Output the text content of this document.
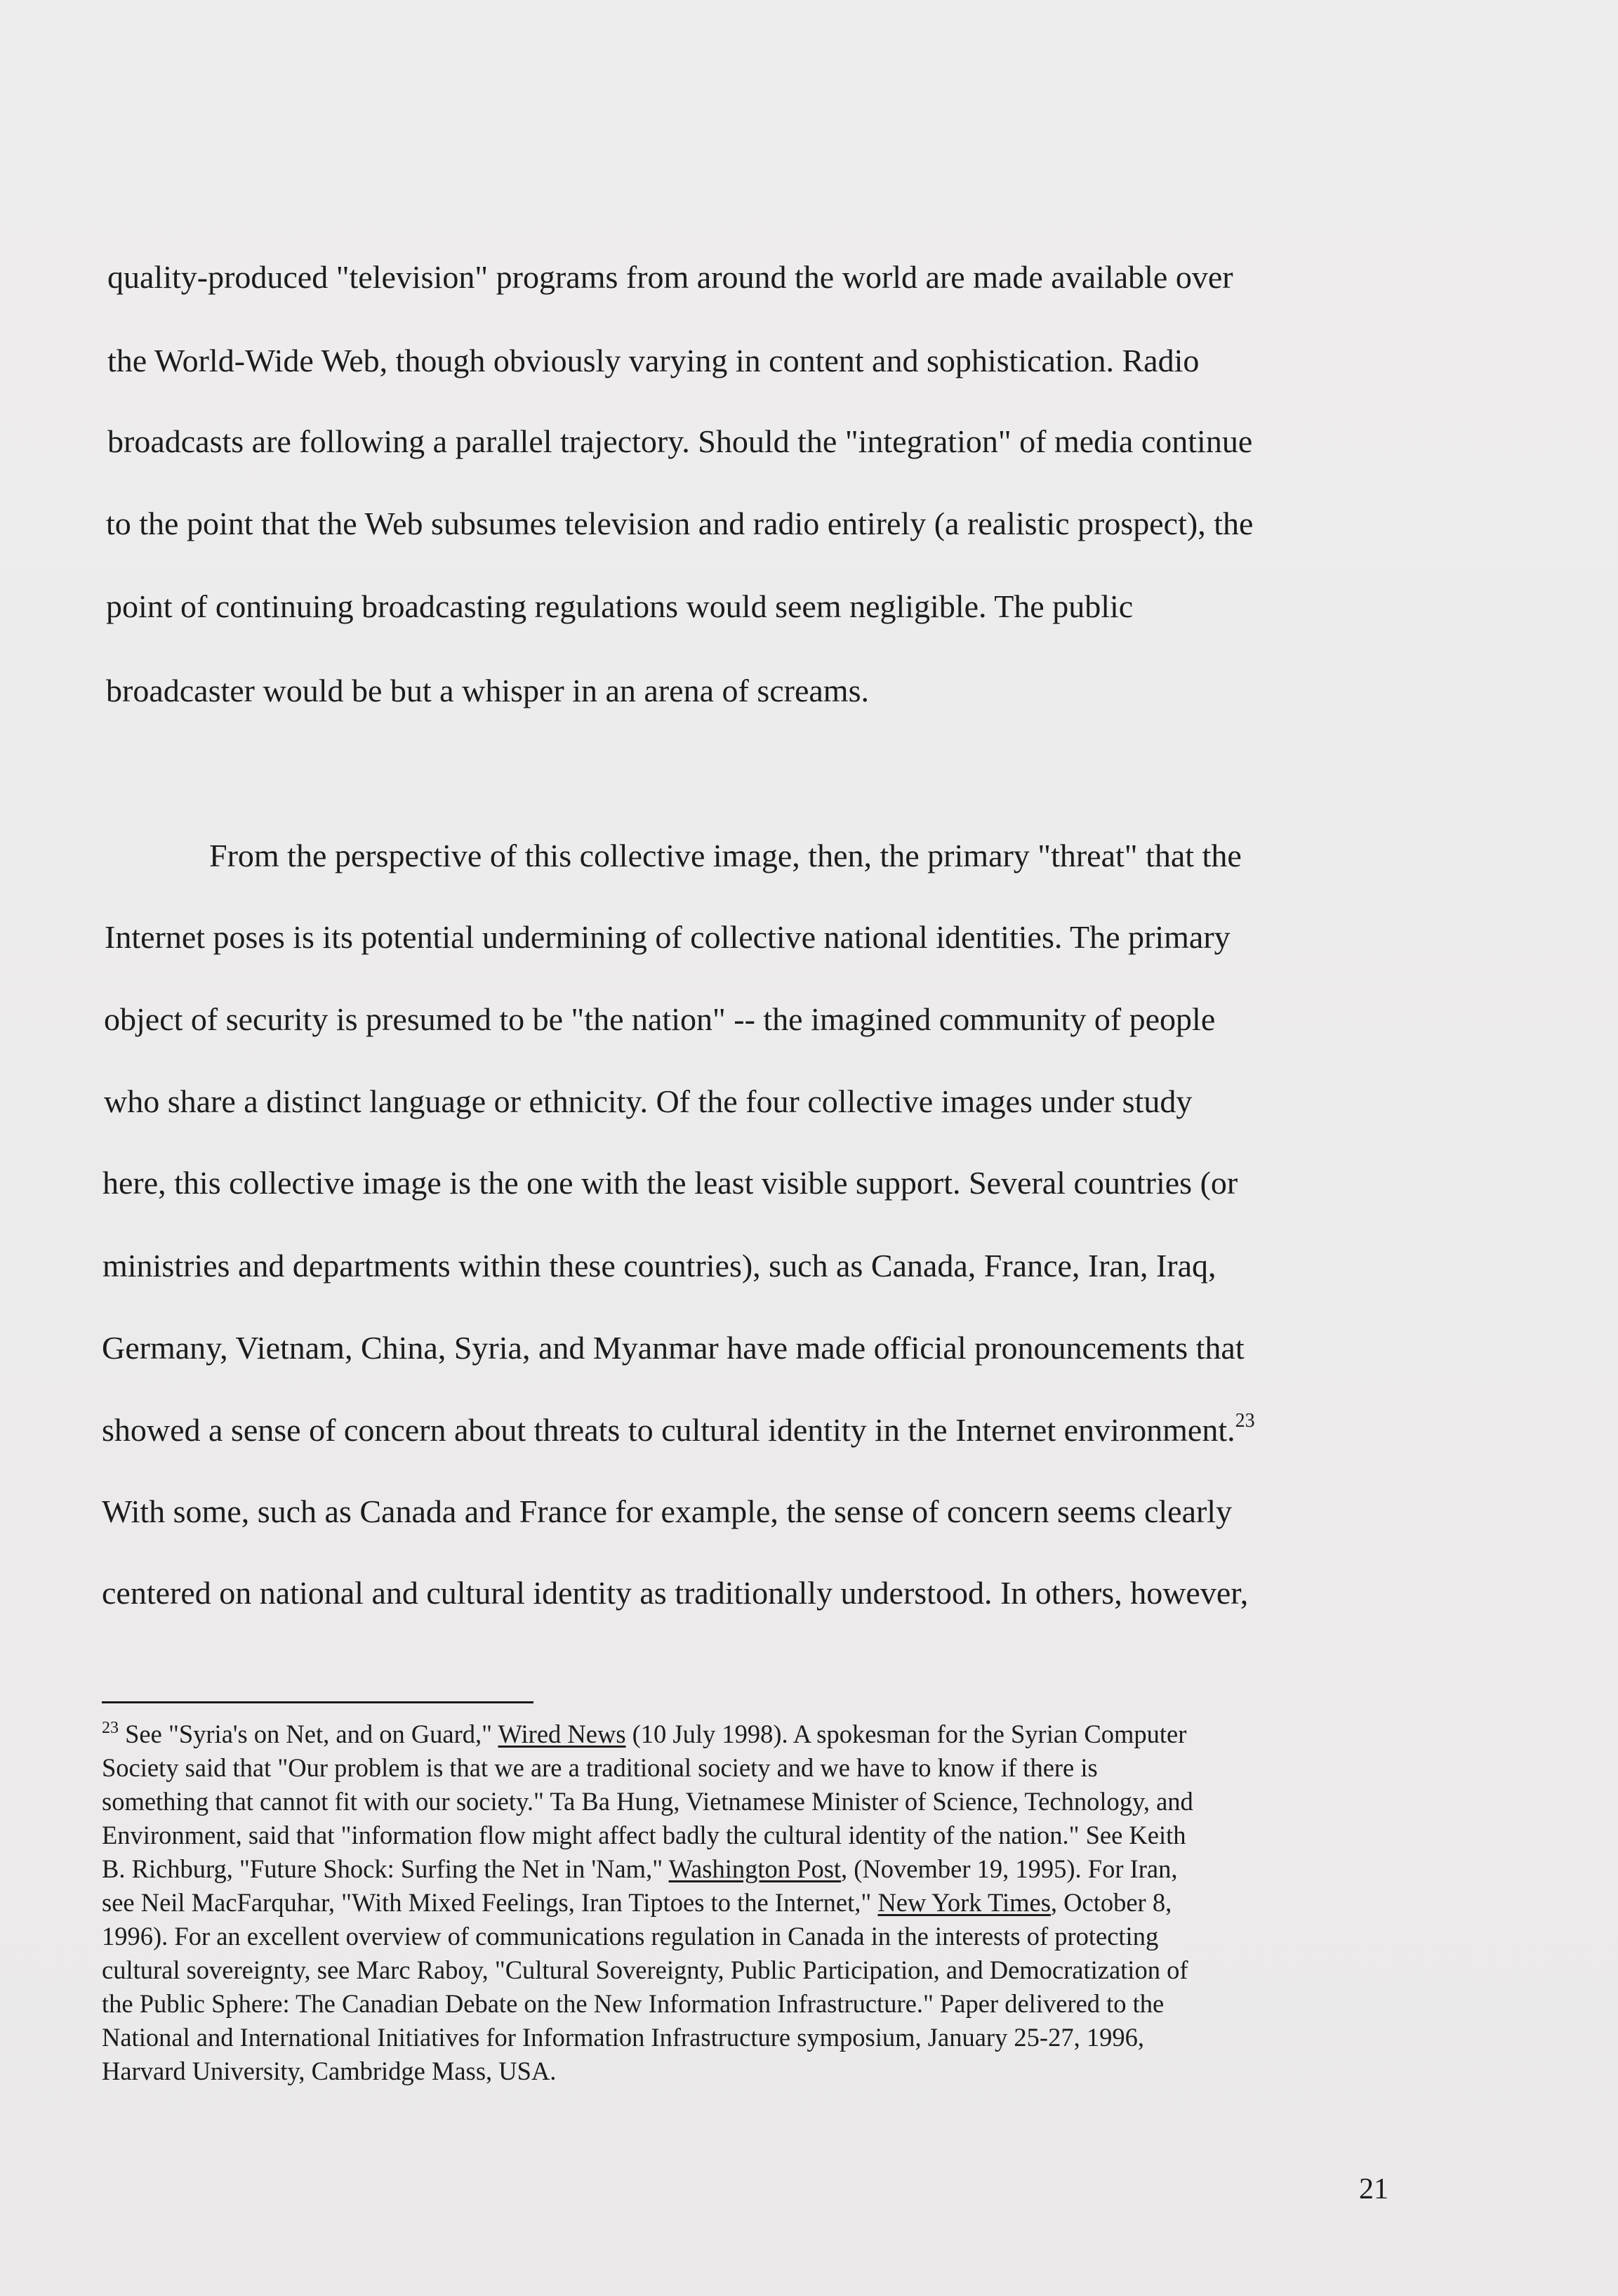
quality-produced "television" programs from around the world are made available over
the World-Wide Web, though obviously varying in content and sophistication. Radio
broadcasts are following a parallel trajectory. Should the "integration" of media continue
to the point that the Web subsumes television and radio entirely (a realistic prospect), the
point of continuing broadcasting regulations would seem negligible. The public
broadcaster would be but a whisper in an arena of screams.
From the perspective of this collective image, then, the primary "threat" that the
Internet poses is its potential undermining of collective national identities. The primary
object of security is presumed to be "the nation" -- the imagined community of people
who share a distinct language or ethnicity. Of the four collective images under study
here, this collective image is the one with the least visible support. Several countries (or
ministries and departments within these countries), such as Canada, France, Iran, Iraq,
Germany, Vietnam, China, Syria, and Myanmar have made official pronouncements that
showed a sense of concern about threats to cultural identity in the Internet environment.$^{23}$
With some, such as Canada and France for example, the sense of concern seems clearly
centered on national and cultural identity as traditionally understood. In others, however,
$^{23}$ See "Syria's on Net, and on Guard," Wired News (10 July 1998). A spokesman for the Syrian Computer
Society said that "Our problem is that we are a traditional society and we have to know if there is
something that cannot fit with our society." Ta Ba Hung, Vietnamese Minister of Science, Technology, and
Environment, said that "information flow might affect badly the cultural identity of the nation." See Keith
B. Richburg, "Future Shock: Surfing the Net in 'Nam," Washington Post, (November 19, 1995). For Iran,
see Neil MacFarquhar, "With Mixed Feelings, Iran Tiptoes to the Internet," New York Times, October 8,
1996). For an excellent overview of communications regulation in Canada in the interests of protecting
cultural sovereignty, see Marc Raboy, "Cultural Sovereignty, Public Participation, and Democratization of
the Public Sphere: The Canadian Debate on the New Information Infrastructure." Paper delivered to the
National and International Initiatives for Information Infrastructure symposium, January 25-27, 1996,
Harvard University, Cambridge Mass, USA.
21
